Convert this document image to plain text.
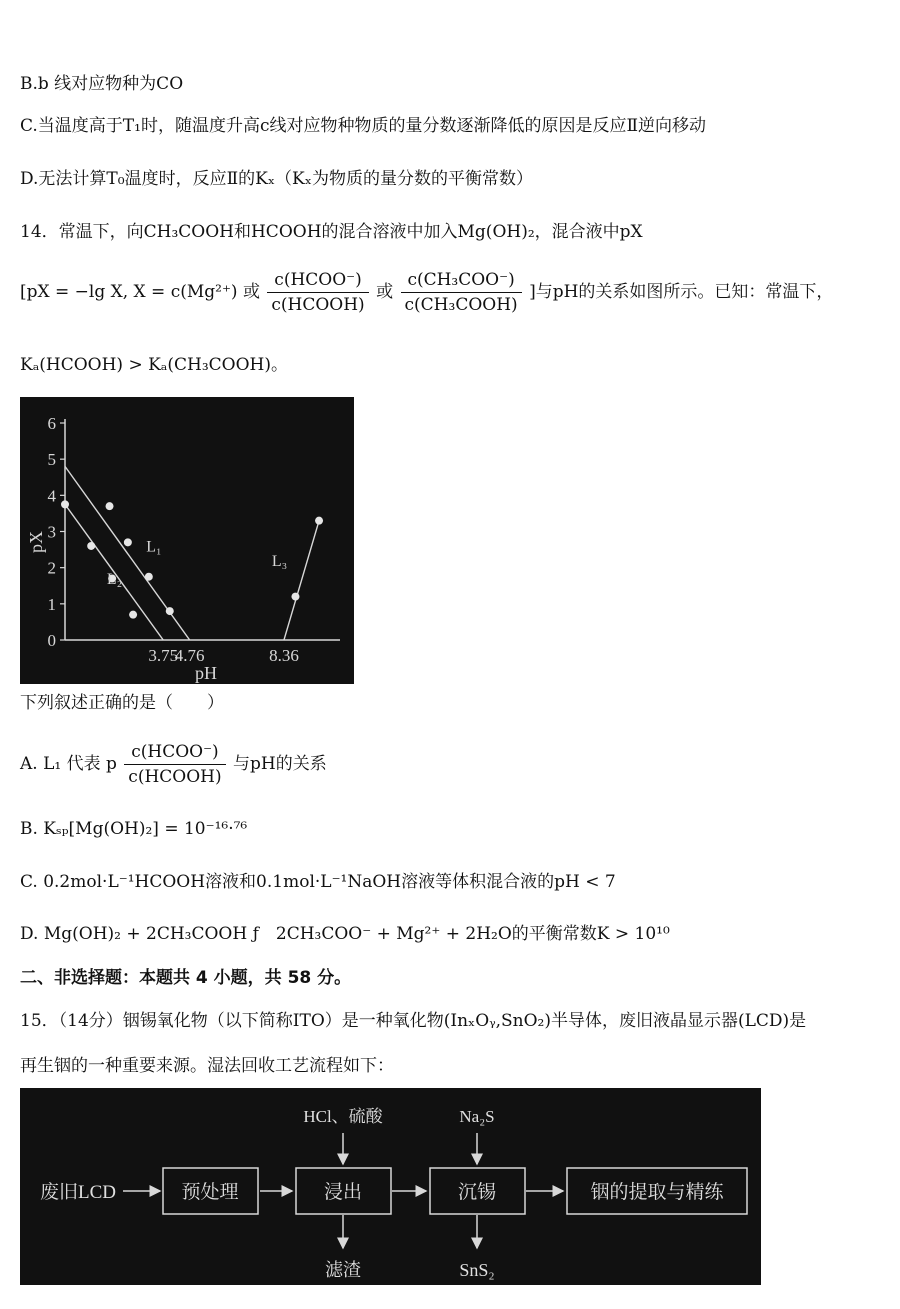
B.b 线对应物种为CO
C.当温度高于T₁时，随温度升高c线对应物种物质的量分数逐渐降低的原因是反应Ⅱ逆向移动
D.无法计算T₀温度时，反应Ⅱ的Kₓ（Kₓ为物质的量分数的平衡常数）
14．常温下，向CH₃COOH和HCOOH的混合溶液中加入Mg(OH)₂，混合液中pX
[pX = −lg X, X = c(Mg²⁺) 或 $\frac{\text{c(HCOO⁻)}}{\text{c(HCOOH)}}$ 或 $\frac{\text{c(CH₃COO⁻)}}{\text{c(CH₃COOH)}}$ ]与pH的关系如图所示。已知：常温下，
Kₐ(HCOOH) > Kₐ(CH₃COOH)。
0
1
2
3
4
5
6
pX
pH
3.75
4.76	8.36
L₁
L₂
L₃
下列叙述正确的是（　　）
A. L₁ 代表 p $\frac{\text{c(HCOO⁻)}}{\text{c(HCOOH)}}$ 与pH的关系
B. Kₛₚ[Mg(OH)₂] = 10⁻¹⁶·⁷⁶
C. 0.2mol·L⁻¹HCOOH溶液和0.1mol·L⁻¹NaOH溶液等体积混合液的pH < 7
D. Mg(OH)₂ + 2CH₃COOH ƒ　2CH₃COO⁻ + Mg²⁺ + 2H₂O的平衡常数K > 10¹⁰
二、非选择题：本题共 4 小题，共 58 分。
15．（14分）铟锡氧化物（以下简称ITO）是一种氧化物(InₓOᵧ,SnO₂)半导体，废旧液晶显示器(LCD)是
再生铟的一种重要来源。湿法回收工艺流程如下：
废旧LCD	预处理	浸出
HCl、硫酸
滤渣
沉锡
Na₂S
SnS₂
铟的提取与精练
